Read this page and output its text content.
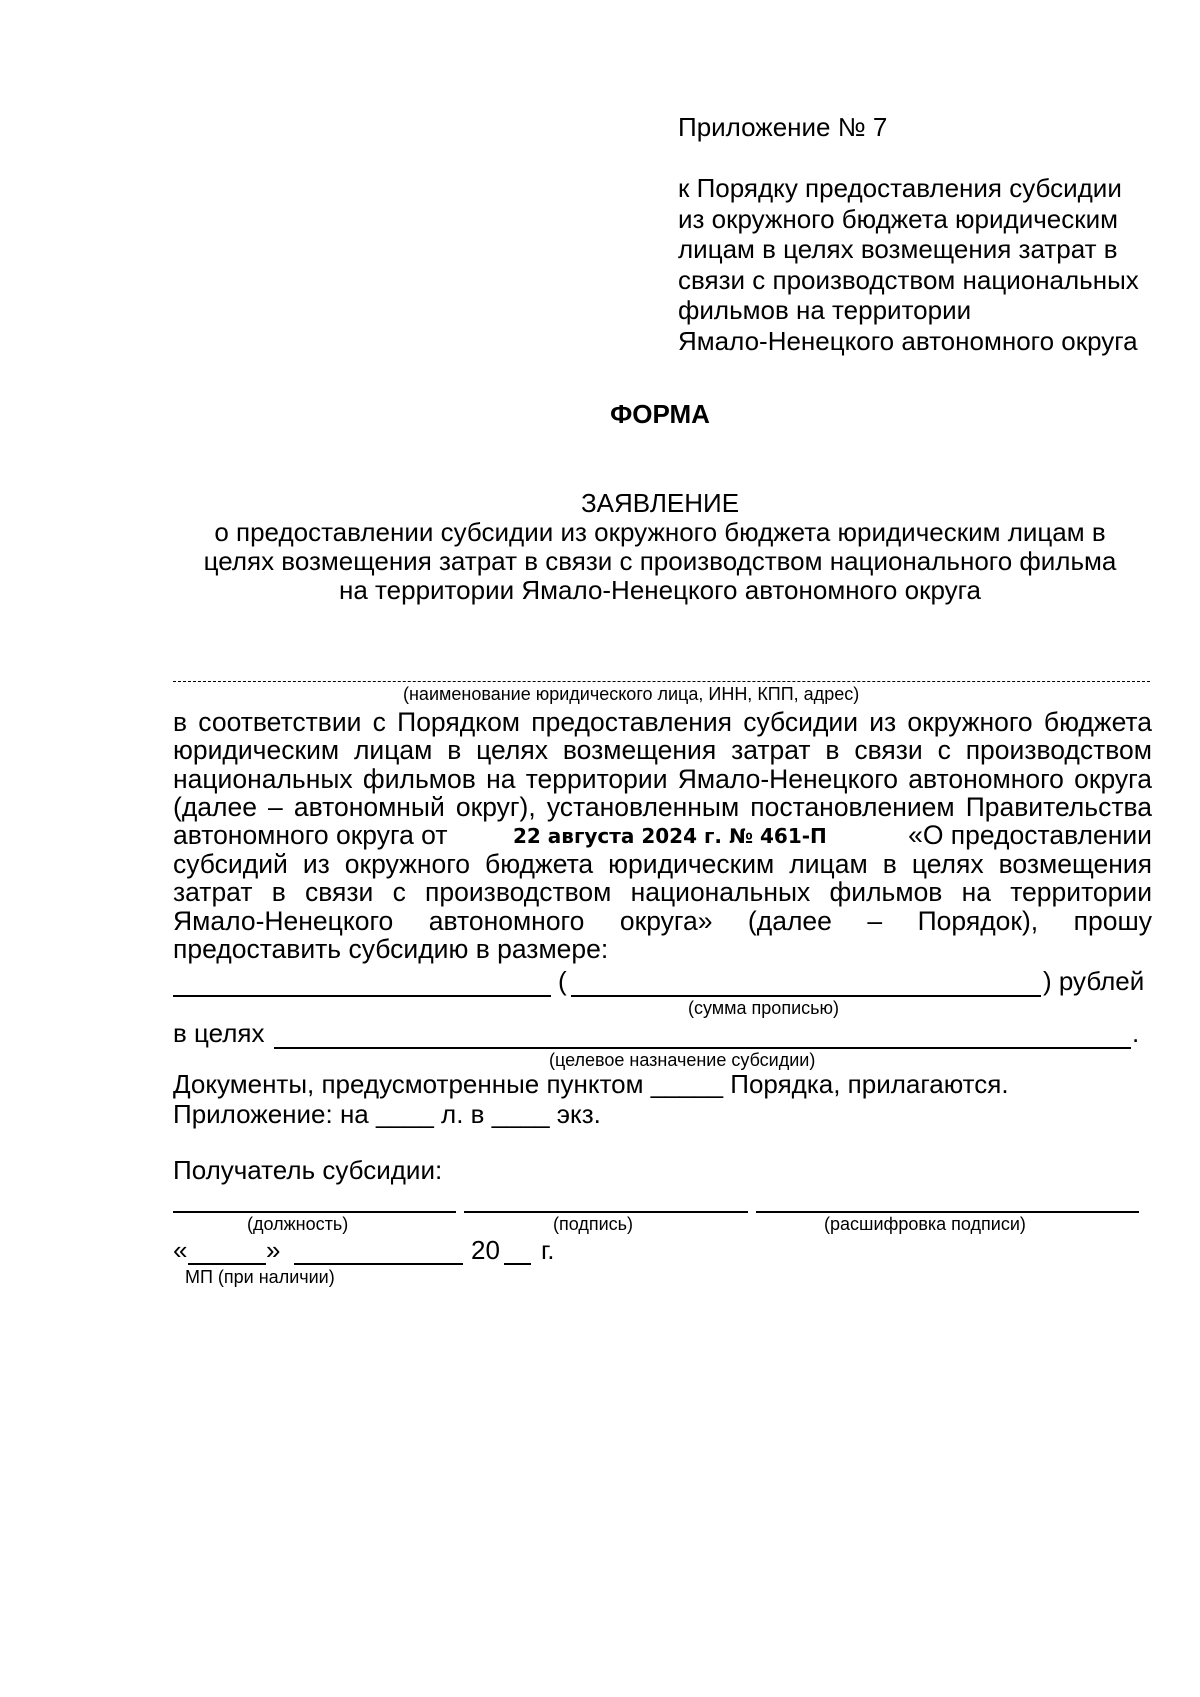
Приложение № 7
к Порядку предоставления субсидии
из окружного бюджета юридическим
лицам в целях возмещения затрат в
связи с производством национальных
фильмов на территории
Ямало-Ненецкого автономного округа
ФОРМА
ЗАЯВЛЕНИЕ
о предоставлении субсидии из окружного бюджета юридическим лицам в
целях возмещения затрат в связи с производством национального фильма
на территории Ямало-Ненецкого автономного округа
(наименование юридического лица, ИНН, КПП, адрес)
в соответствии с Порядком предоставления субсидии из окружного бюджета
юридическим лицам в целях возмещения затрат в связи с производством
национальных фильмов на территории Ямало-Ненецкого автономного округа
(далее – автономный округ), установленным постановлением Правительства
автономного округа от	22 августа 2024 г. № 461-П	«О предоставлении
субсидий из окружного бюджета юридическим лицам в целях возмещения
затрат в связи с производством национальных фильмов на территории
Ямало-Ненецкого автономного округа» (далее – Порядок), прошу
предоставить субсидию в размере:
(	) рублей
(сумма прописью)
в целях	.
(целевое назначение субсидии)
Документы, предусмотренные пунктом _____ Порядка, прилагаются.
Приложение: на ____ л. в ____ экз.
Получатель субсидии:
(должность)	(подпись)	(расшифровка подписи)
«	»	20 г.
МП (при наличии)
